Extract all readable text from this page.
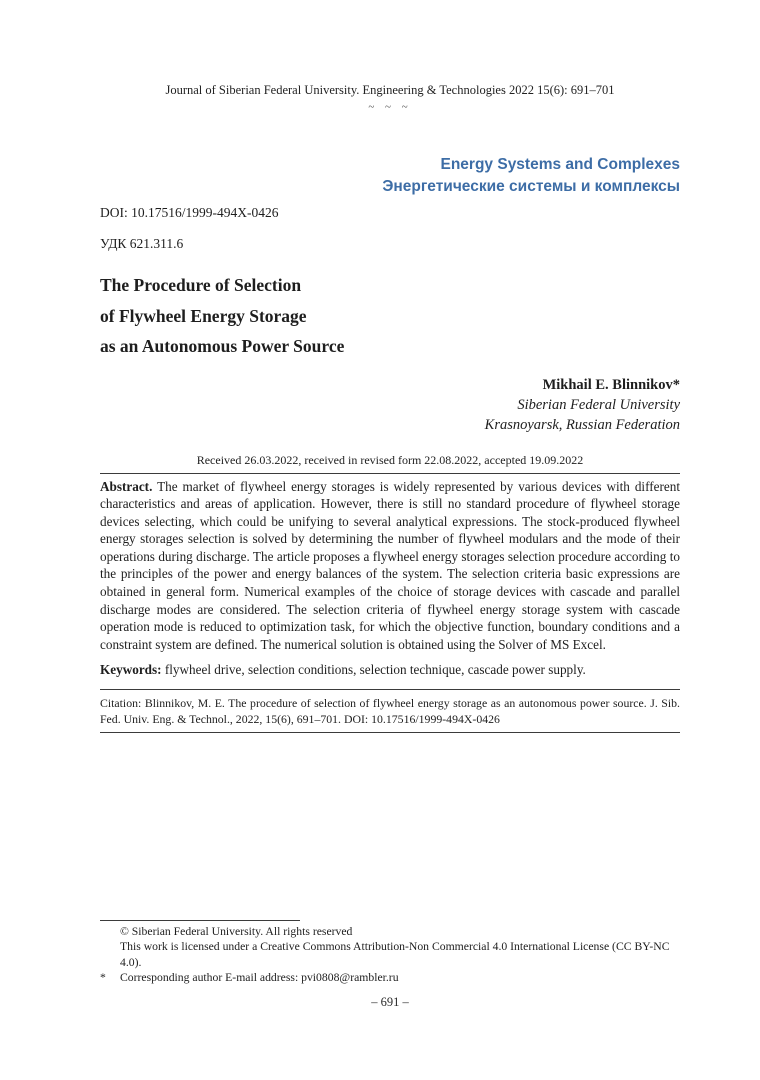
Journal of Siberian Federal University. Engineering & Technologies 2022 15(6): 691–701
~ ~ ~
Energy Systems and Complexes
Энергетические системы и комплексы
DOI: 10.17516/1999-494X-0426
УДК 621.311.6
The Procedure of Selection
of Flywheel Energy Storage
as an Autonomous Power Source
Mikhail E. Blinnikov*
Siberian Federal University
Krasnoyarsk, Russian Federation
Received 26.03.2022, received in revised form 22.08.2022, accepted 19.09.2022

Abstract. The market of flywheel energy storages is widely represented by various devices with different characteristics and areas of application. However, there is still no standard procedure of flywheel storage devices selecting, which could be unifying to several analytical expressions. The stock-produced flywheel energy storages selection is solved by determining the number of flywheel modulars and the mode of their operations during discharge. The article proposes a flywheel energy storages selection procedure according to the principles of the power and energy balances of the system. The selection criteria basic expressions are obtained in general form. Numerical examples of the choice of storage devices with cascade and parallel discharge modes are considered. The selection criteria of flywheel energy storage system with cascade operation mode is reduced to optimization task, for which the objective function, boundary conditions and a constraint system are defined. The numerical solution is obtained using the Solver of MS Excel.

Keywords: flywheel drive, selection conditions, selection technique, cascade power supply.

Citation: Blinnikov, M. E. The procedure of selection of flywheel energy storage as an autonomous power source. J. Sib. Fed. Univ. Eng. & Technol., 2022, 15(6), 691–701. DOI: 10.17516/1999-494X-0426

© Siberian Federal University. All rights reserved
This work is licensed under a Creative Commons Attribution-Non Commercial 4.0 International License (CC BY-NC 4.0).
* Corresponding author E-mail address: pvi0808@rambler.ru
– 691 –
